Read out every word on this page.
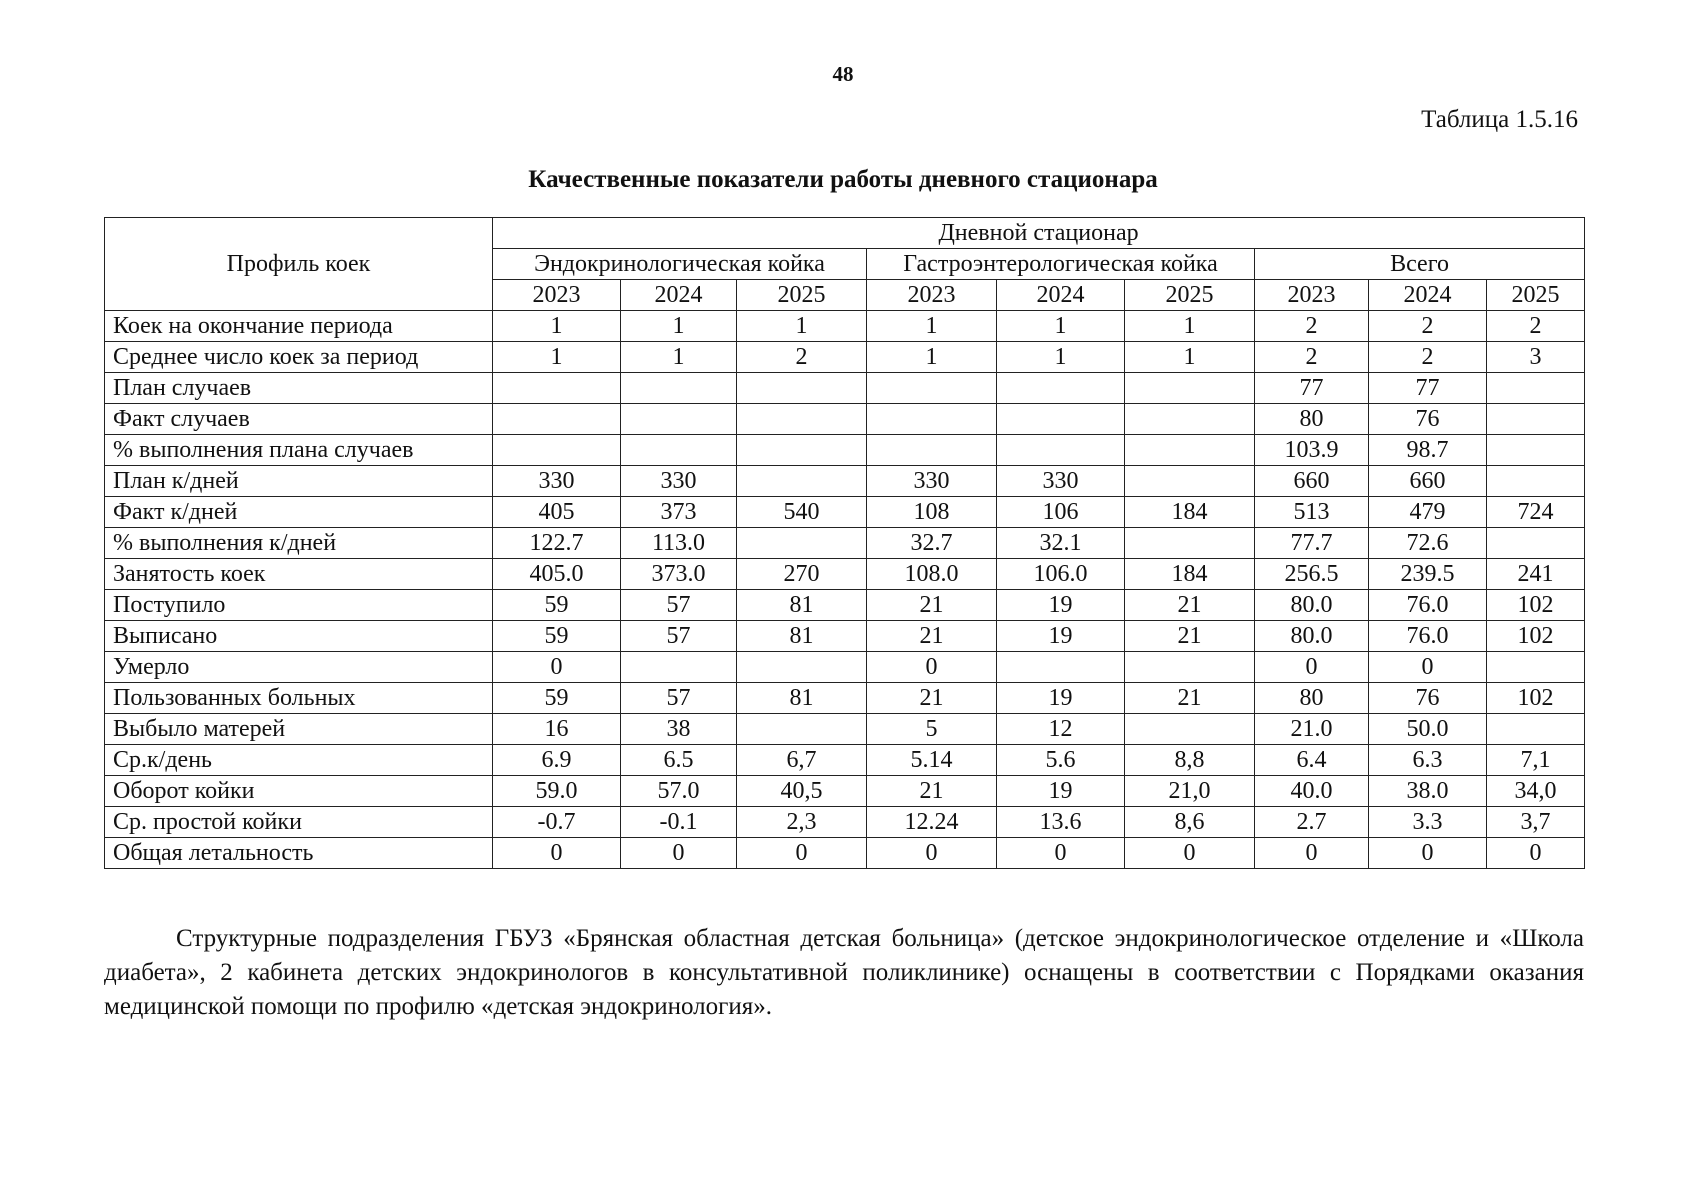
48
Таблица 1.5.16
Качественные показатели работы дневного стационара
Профиль коек	Дневной стационар								
	Эндокринологическая койка			Гастроэнтерологическая койка			Всего		
	2023	2024	2025	2023	2024	2025	2023	2024	2025
Коек на окончание периода	1	1	1	1	1	1	2	2	2
Среднее число коек за период	1	1	2	1	1	1	2	2	3
План случаев							77	77	
Факт случаев							80	76	
% выполнения плана случаев							103.9	98.7	
План к/дней	330	330		330	330		660	660	
Факт к/дней	405	373	540	108	106	184	513	479	724
% выполнения к/дней	122.7	113.0		32.7	32.1		77.7	72.6	
Занятость коек	405.0	373.0	270	108.0	106.0	184	256.5	239.5	241
Поступило	59	57	81	21	19	21	80.0	76.0	102
Выписано	59	57	81	21	19	21	80.0	76.0	102
Умерло	0			0			0	0	
Пользованных больных	59	57	81	21	19	21	80	76	102
Выбыло матерей	16	38		5	12		21.0	50.0	
Ср.к/день	6.9	6.5	6,7	5.14	5.6	8,8	6.4	6.3	7,1
Оборот койки	59.0	57.0	40,5	21	19	21,0	40.0	38.0	34,0
Ср. простой койки	-0.7	-0.1	2,3	12.24	13.6	8,6	2.7	3.3	3,7
Общая летальность	0	0	0	0	0	0	0	0	0
Структурные подразделения ГБУЗ «Брянская областная детская больница» (детское эндокринологическое отделение и «Школа диабета», 2 кабинета детских эндокринологов в консультативной поликлинике) оснащены в соответствии с Порядками оказания медицинской помощи по профилю «детская эндокринология».
